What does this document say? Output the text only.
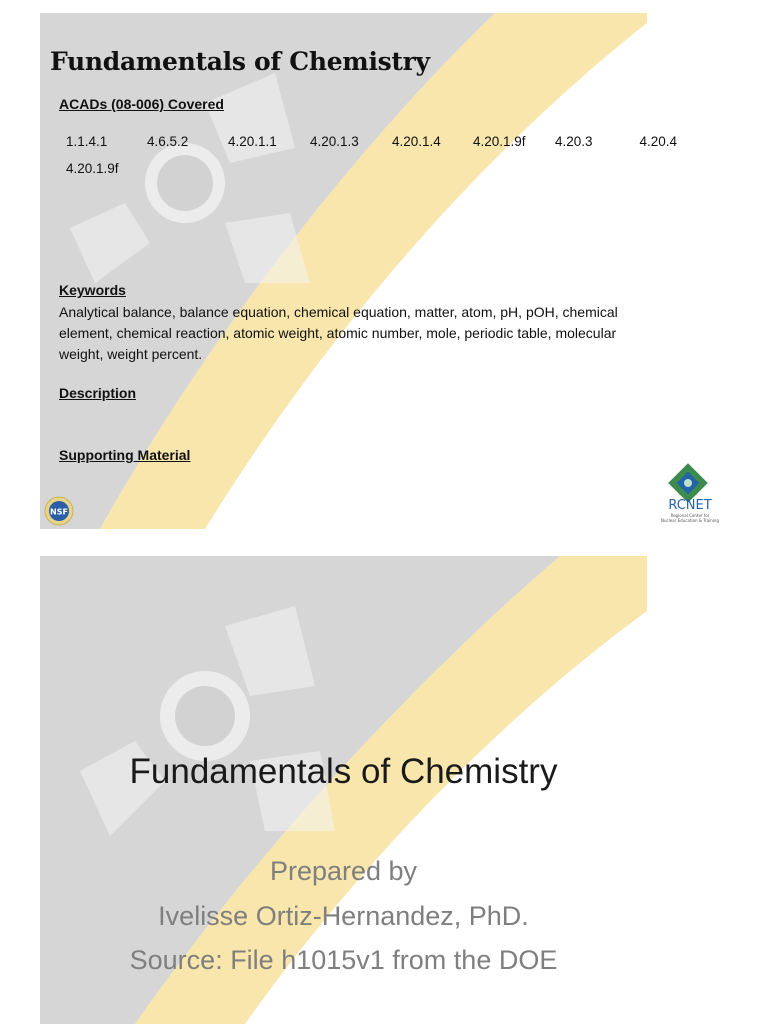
Fundamentals of Chemistry
ACADs (08-006) Covered
1.1.4.1	4.6.5.2	4.20.1.1 4.20.1.3 4.20.1.4 4.20.1.9f 4.20.3	4.20.4
4.20.1.9f
Keywords
Analytical balance, balance equation, chemical equation, matter, atom, pH, pOH, chemical element, chemical reaction, atomic weight, atomic number, mole, periodic table, molecular weight, weight percent.
Description
Supporting Material
NSF	RCNET
Regional Center for
Nuclear Education & Training
Fundamentals of Chemistry
Prepared by
Ivelisse Ortiz-Hernandez, PhD.
Source: File h1015v1 from the DOE
